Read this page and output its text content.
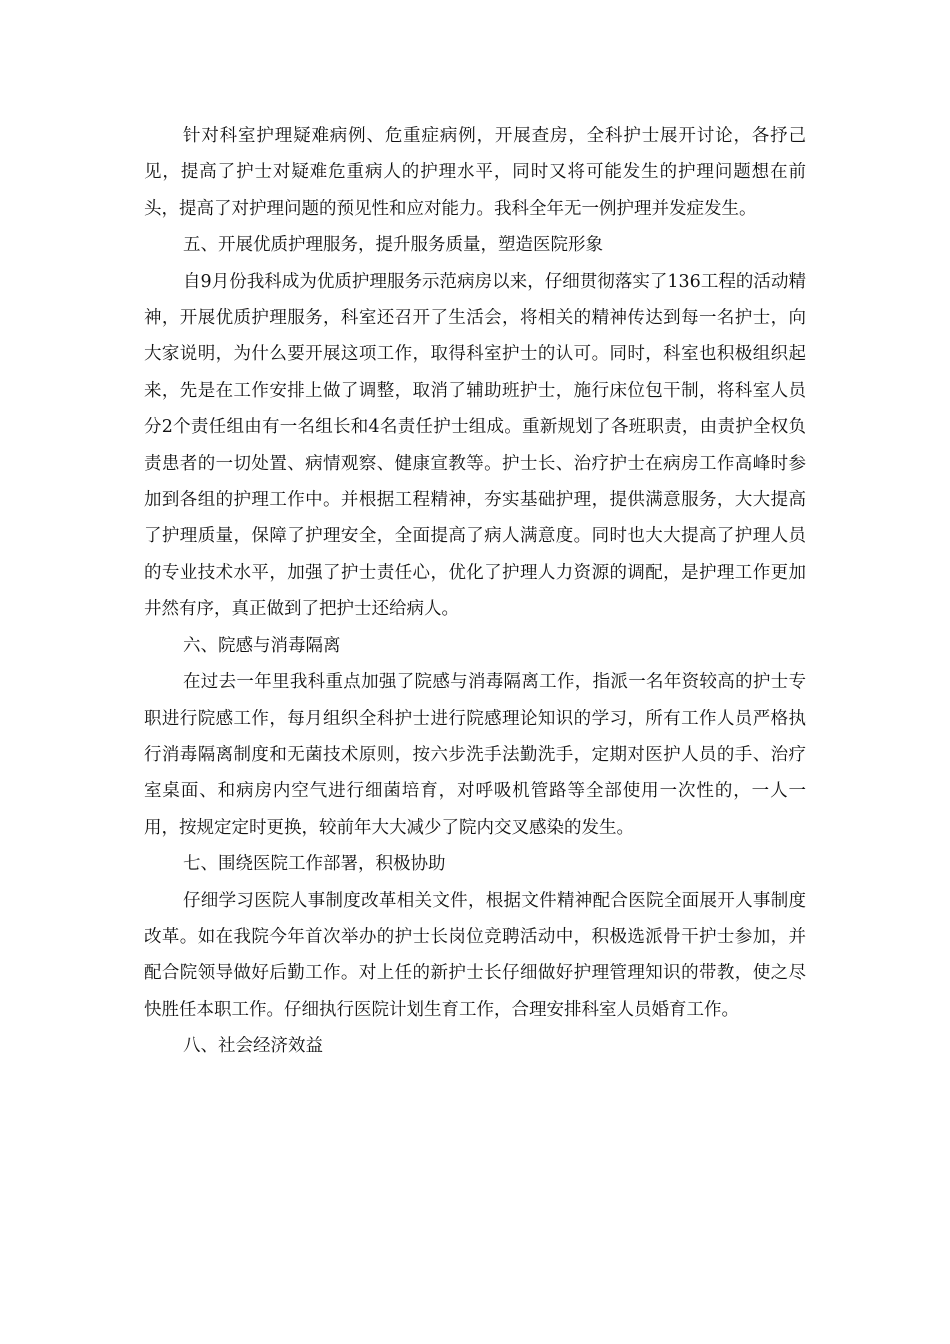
针对科室护理疑难病例、危重症病例，开展查房，全科护士展开讨论，各抒己见，提高了护士对疑难危重病人的护理水平，同时又将可能发生的护理问题想在前头，提高了对护理问题的预见性和应对能力。我科全年无一例护理并发症发生。

五、开展优质护理服务，提升服务质量，塑造医院形象

自9月份我科成为优质护理服务示范病房以来，仔细贯彻落实了136工程的活动精神，开展优质护理服务，科室还召开了生活会，将相关的精神传达到每一名护士，向大家说明，为什么要开展这项工作，取得科室护士的认可。同时，科室也积极组织起来，先是在工作安排上做了调整，取消了辅助班护士，施行床位包干制，将科室人员分2个责任组由有一名组长和4名责任护士组成。重新规划了各班职责，由责护全权负责患者的一切处置、病情观察、健康宣教等。护士长、治疗护士在病房工作高峰时参加到各组的护理工作中。并根据工程精神，夯实基础护理，提供满意服务，大大提高了护理质量，保障了护理安全，全面提高了病人满意度。同时也大大提高了护理人员的专业技术水平，加强了护士责任心，优化了护理人力资源的调配，是护理工作更加井然有序，真正做到了把护士还给病人。

六、院感与消毒隔离

在过去一年里我科重点加强了院感与消毒隔离工作，指派一名年资较高的护士专职进行院感工作，每月组织全科护士进行院感理论知识的学习，所有工作人员严格执行消毒隔离制度和无菌技术原则，按六步洗手法勤洗手，定期对医护人员的手、治疗室桌面、和病房内空气进行细菌培育，对呼吸机管路等全部使用一次性的，一人一用，按规定定时更换，较前年大大减少了院内交叉感染的发生。

七、围绕医院工作部署，积极协助

仔细学习医院人事制度改革相关文件，根据文件精神配合医院全面展开人事制度改革。如在我院今年首次举办的护士长岗位竞聘活动中，积极选派骨干护士参加，并配合院领导做好后勤工作。对上任的新护士长仔细做好护理管理知识的带教，使之尽快胜任本职工作。仔细执行医院计划生育工作，合理安排科室人员婚育工作。

八、社会经济效益
